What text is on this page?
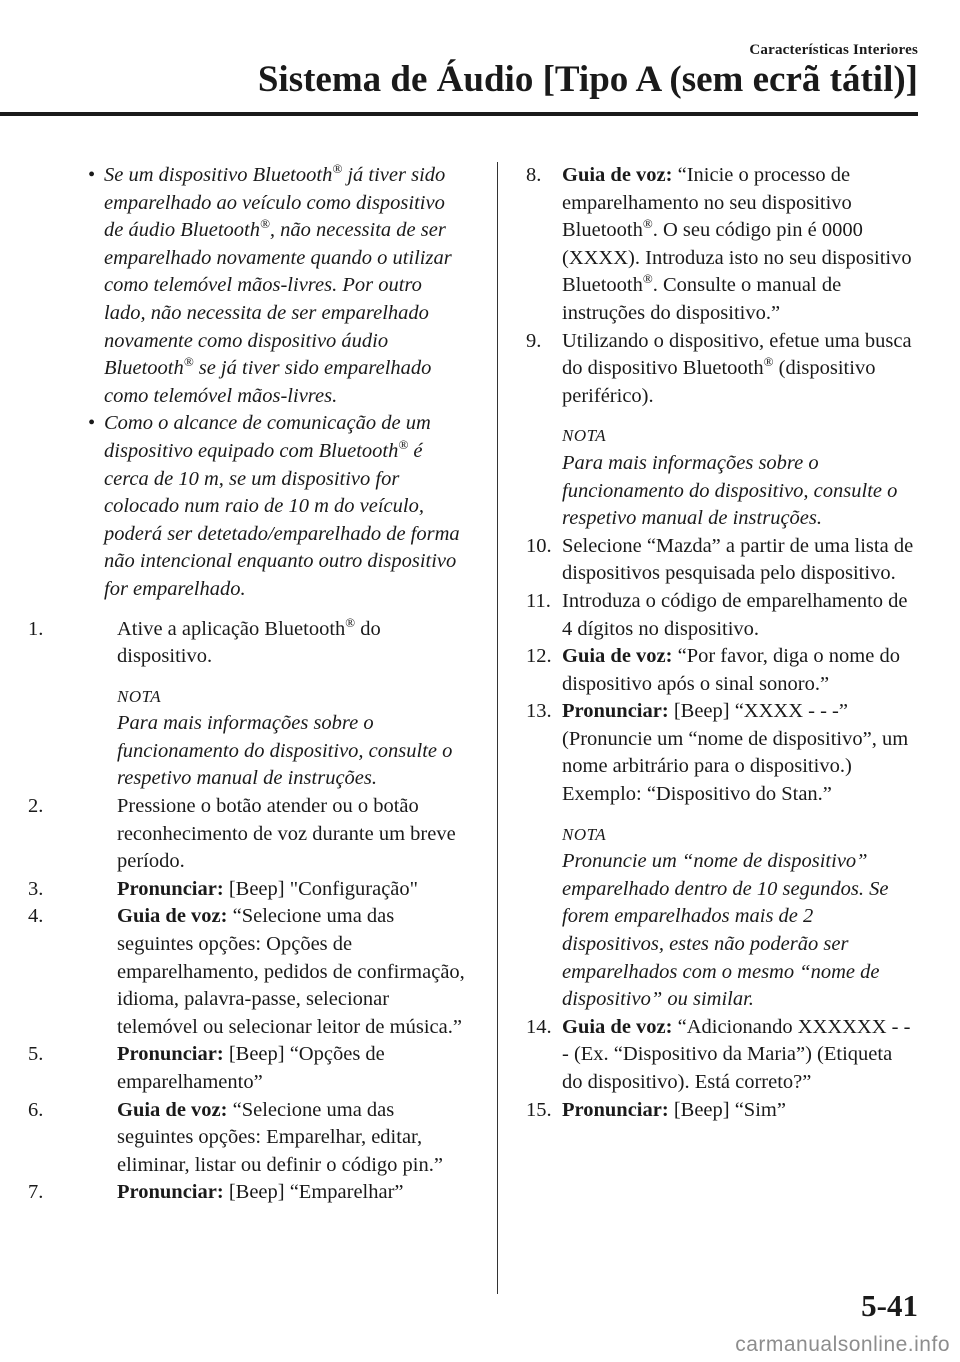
Características Interiores
Sistema de Áudio [Tipo A (sem ecrã tátil)]
• Se um dispositivo Bluetooth® já tiver sido emparelhado ao veículo como dispositivo de áudio Bluetooth®, não necessita de ser emparelhado novamente quando o utilizar como telemóvel mãos-livres. Por outro lado, não necessita de ser emparelhado novamente como dispositivo áudio Bluetooth® se já tiver sido emparelhado como telemóvel mãos-livres.
• Como o alcance de comunicação de um dispositivo equipado com Bluetooth® é cerca de 10 m, se um dispositivo for colocado num raio de 10 m do veículo, poderá ser detetado/emparelhado de forma não intencional enquanto outro dispositivo for emparelhado.
1.	Ative a aplicação Bluetooth® do dispositivo.
NOTA
Para mais informações sobre o funcionamento do dispositivo, consulte o respetivo manual de instruções.
2.	Pressione o botão atender ou o botão reconhecimento de voz durante um breve período.
3.	Pronunciar: [Beep] "Configuração"
4.	Guia de voz: “Selecione uma das seguintes opções: Opções de emparelhamento, pedidos de confirmação, idioma, palavra-passe, selecionar telemóvel ou selecionar leitor de música.”
5.	Pronunciar: [Beep] “Opções de emparelhamento”
6.	Guia de voz: “Selecione uma das seguintes opções: Emparelhar, editar, eliminar, listar ou definir o código pin.”
7.	Pronunciar: [Beep] “Emparelhar”
8. Guia de voz: “Inicie o processo de emparelhamento no seu dispositivo Bluetooth®. O seu código pin é 0000 (XXXX). Introduza isto no seu dispositivo Bluetooth®. Consulte o manual de instruções do dispositivo.”
9. Utilizando o dispositivo, efetue uma busca do dispositivo Bluetooth® (dispositivo periférico).
NOTA
Para mais informações sobre o funcionamento do dispositivo, consulte o respetivo manual de instruções.
10. Selecione “Mazda” a partir de uma lista de dispositivos pesquisada pelo dispositivo.
11. Introduza o código de emparelhamento de 4 dígitos no dispositivo.
12. Guia de voz: “Por favor, diga o nome do dispositivo após o sinal sonoro.”
13. Pronunciar: [Beep] “XXXX - - -” (Pronuncie um “nome de dispositivo”, um nome arbitrário para o dispositivo.) Exemplo: “Dispositivo do Stan.”
NOTA
Pronuncie um “nome de dispositivo” emparelhado dentro de 10 segundos. Se forem emparelhados mais de 2 dispositivos, estes não poderão ser emparelhados com o mesmo “nome de dispositivo” ou similar.
14. Guia de voz: “Adicionando XXXXXX - - - (Ex. “Dispositivo da Maria”) (Etiqueta do dispositivo). Está correto?”
15. Pronunciar: [Beep] “Sim”
5-41
carmanualsonline.info
